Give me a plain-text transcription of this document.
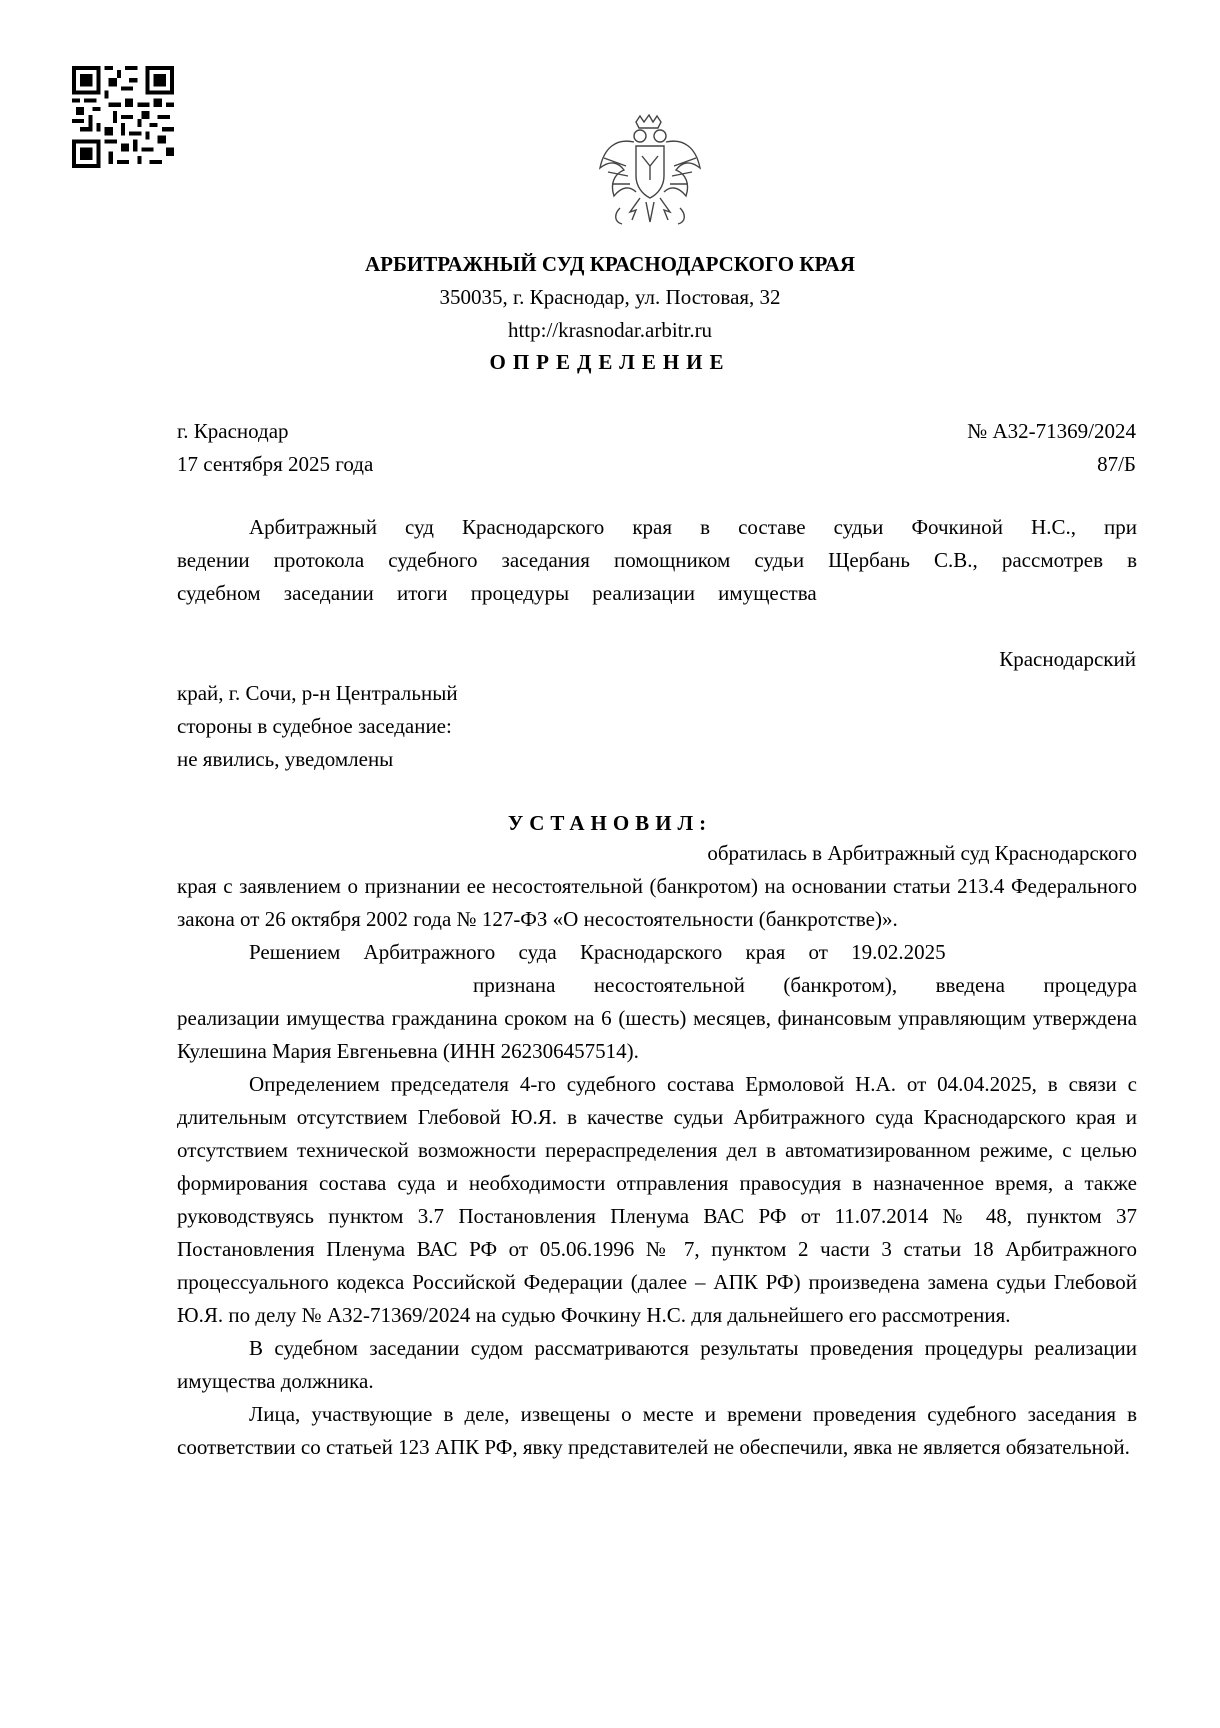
АРБИТРАЖНЫЙ СУД КРАСНОДАРСКОГО КРАЯ
350035, г. Краснодар, ул. Постовая, 32
http://krasnodar.arbitr.ru
ОПРЕДЕЛЕНИЕ
г. Краснодар
17 сентября 2025 года
№ А32-71369/2024
87/Б
Арбитражный суд Краснодарского края в составе судьи Фочкиной Н.С., при
ведении протокола судебного заседания помощником судьи Щербань С.В., рассмотрев в
судебном заседании итоги процедуры реализации имущества
Краснодарский
край, г. Сочи, р-н Центральный
стороны в судебное заседание:
не явились, уведомлены
УСТАНОВИЛ:
обратилась в Арбитражный суд Краснодарского

края с заявлением о признании ее несостоятельной (банкротом) на основании статьи 213.4 Федерального закона от 26 октября 2002 года № 127-ФЗ «О несостоятельности (банкротстве)».

Решением Арбитражного суда Краснодарского края от 19.02.2025
признана несостоятельной (банкротом), введена процедура

реализации имущества гражданина сроком на 6 (шесть) месяцев, финансовым управляющим утверждена Кулешина Мария Евгеньевна (ИНН 262306457514).

Определением председателя 4-го судебного состава Ермоловой Н.А. от 04.04.2025, в связи с длительным отсутствием Глебовой Ю.Я. в качестве судьи Арбитражного суда Краснодарского края и отсутствием технической возможности перераспределения дел в автоматизированном режиме, с целью формирования состава суда и необходимости отправления правосудия в назначенное время, а также руководствуясь пунктом 3.7 Постановления Пленума ВАС РФ от 11.07.2014 № 48, пунктом 37 Постановления Пленума ВАС РФ от 05.06.1996 № 7, пунктом 2 части 3 статьи 18 Арбитражного процессуального кодекса Российской Федерации (далее – АПК РФ) произведена замена судьи Глебовой Ю.Я. по делу № А32-71369/2024 на судью Фочкину Н.С. для дальнейшего его рассмотрения.

В судебном заседании судом рассматриваются результаты проведения процедуры реализации имущества должника.

Лица, участвующие в деле, извещены о месте и времени проведения судебного заседания в соответствии со статьей 123 АПК РФ, явку представителей не обеспечили, явка не является обязательной.
